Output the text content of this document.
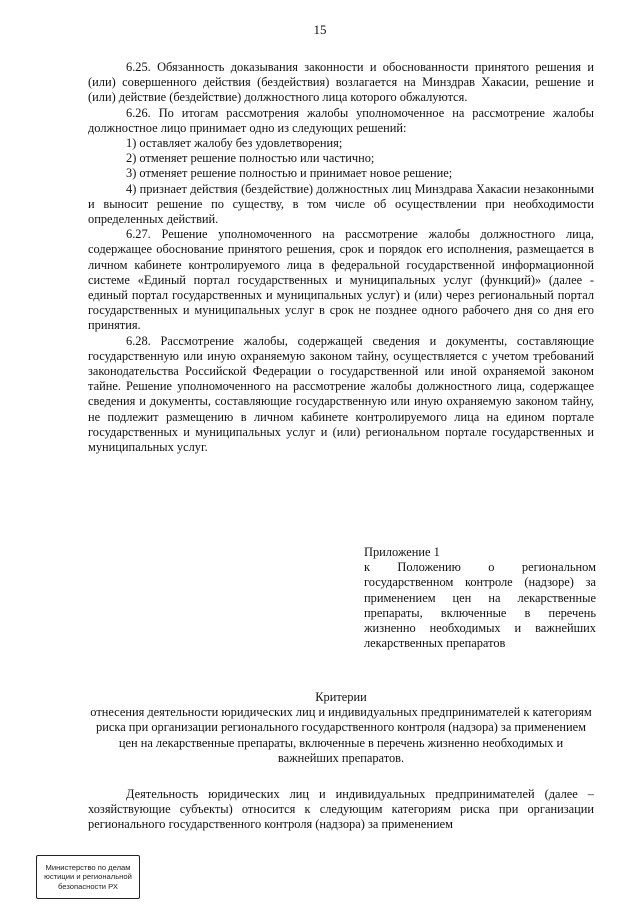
15

6.25. Обязанность доказывания законности и обоснованности принятого решения и (или) совершенного действия (бездействия) возлагается на Минздрав Хакасии, решение и (или) действие (бездействие) должностного лица которого обжалуются.

6.26. По итогам рассмотрения жалобы уполномоченное на рассмотрение жалобы должностное лицо принимает одно из следующих решений:

1) оставляет жалобу без удовлетворения;

2) отменяет решение полностью или частично;

3) отменяет решение полностью и принимает новое решение;

4) признает действия (бездействие) должностных лиц Минздрава Хакасии незаконными и выносит решение по существу, в том числе об осуществлении при необходимости определенных действий.

6.27. Решение уполномоченного на рассмотрение жалобы должностного лица, содержащее обоснование принятого решения, срок и порядок его исполнения, размещается в личном кабинете контролируемого лица в федеральной государственной информационной системе «Единый портал государственных и муниципальных услуг (функций)» (далее - единый портал государственных и муниципальных услуг) и (или) через региональный портал государственных и муниципальных услуг в срок не позднее одного рабочего дня со дня его принятия.

6.28. Рассмотрение жалобы, содержащей сведения и документы, составляющие государственную или иную охраняемую законом тайну, осуществляется с учетом требований законодательства Российской Федерации о государственной или иной охраняемой законом тайне. Решение уполномоченного на рассмотрение жалобы должностного лица, содержащее сведения и документы, составляющие государственную или иную охраняемую законом тайну, не подлежит размещению в личном кабинете контролируемого лица на едином портале государственных и муниципальных услуг и (или) региональном портале государственных и муниципальных услуг.

Приложение 1

к Положению о региональном государственном контроле (надзоре) за применением цен на лекарственные препараты, включенные в перечень жизненно необходимых и важнейших

лекарственных препаратов

Критерии

отнесения деятельности юридических лиц и индивидуальных предпринимателей к категориям риска при организации регионального государственного контроля (надзора) за применением цен на лекарственные препараты, включенные в перечень жизненно необходимых и важнейших препаратов.

Деятельность юридических лиц и индивидуальных предпринимателей (далее – хозяйствующие субъекты) относится к следующим категориям риска при организации регионального государственного контроля (надзора) за применением

Министерство по делам
юстиции и региональной
безопасности РХ
